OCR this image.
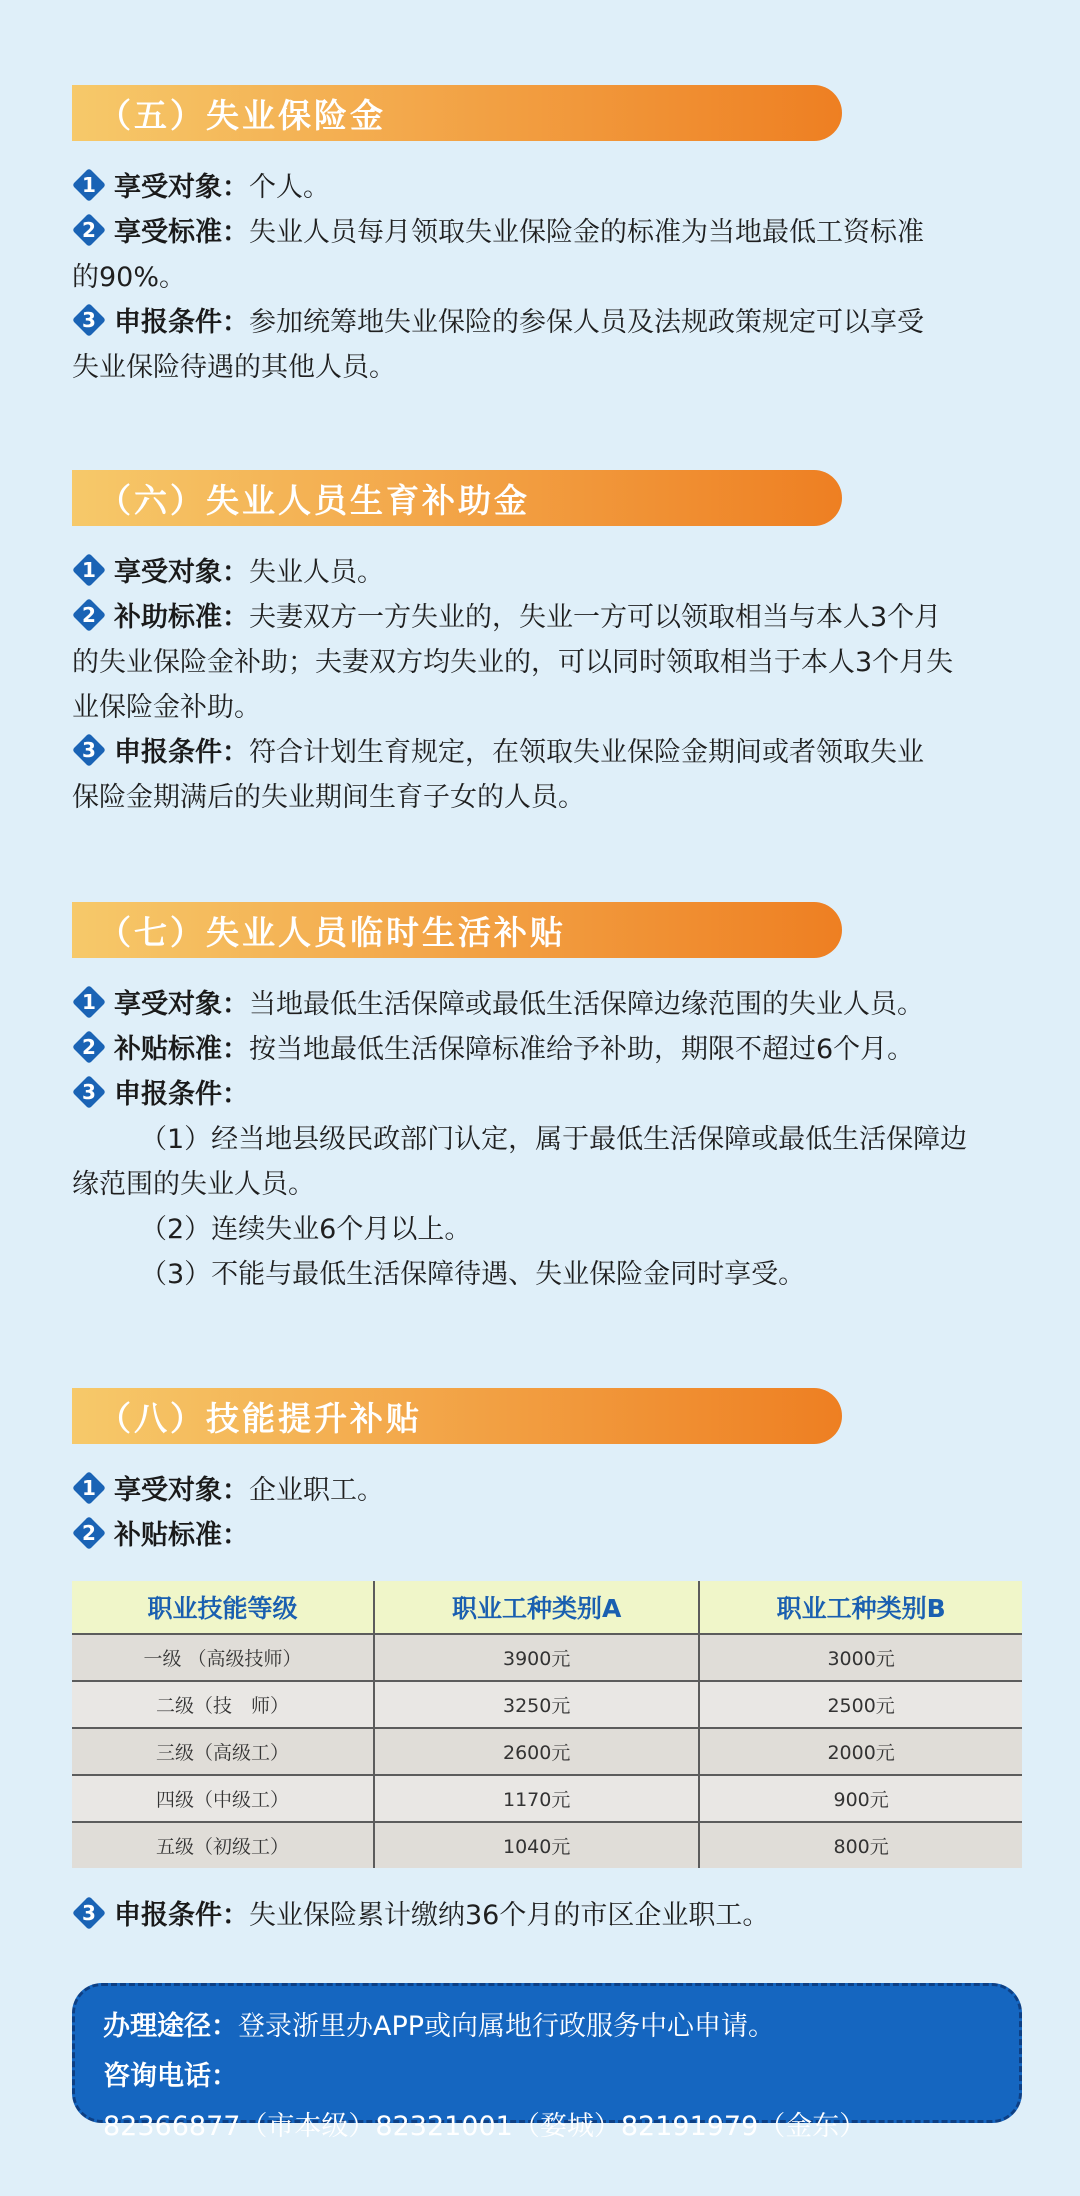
（五）失业保险金
1 享受对象：个人。
2 享受标准：失业人员每月领取失业保险金的标准为当地最低工资标准
的90%。
3 申报条件：参加统筹地失业保险的参保人员及法规政策规定可以享受
失业保险待遇的其他人员。
（六）失业人员生育补助金
1 享受对象：失业人员。
2 补助标准：夫妻双方一方失业的，失业一方可以领取相当与本人3个月
的失业保险金补助；夫妻双方均失业的，可以同时领取相当于本人3个月失
业保险金补助。
3 申报条件：符合计划生育规定，在领取失业保险金期间或者领取失业
保险金期满后的失业期间生育子女的人员。
（七）失业人员临时生活补贴
1 享受对象：当地最低生活保障或最低生活保障边缘范围的失业人员。
2 补贴标准：按当地最低生活保障标准给予补助，期限不超过6个月。
3 申报条件：
（1）经当地县级民政部门认定，属于最低生活保障或最低生活保障边
缘范围的失业人员。
（2）连续失业6个月以上。
（3）不能与最低生活保障待遇、失业保险金同时享受。
（八）技能提升补贴
1 享受对象：企业职工。
2 补贴标准：
职业技能等级	职业工种类别A	职业工种类别B
一级 （高级技师）	3900元	3000元
二级（技　师）	3250元	2500元
三级（高级工）	2600元	2000元
四级（中级工）	1170元	900元
五级（初级工）	1040元	800元
3 申报条件：失业保险累计缴纳36个月的市区企业职工。
办理途径：登录浙里办APP或向属地行政服务中心申请。
咨询电话：82366877（市本级）82321001（婺城）82191979（金东）
